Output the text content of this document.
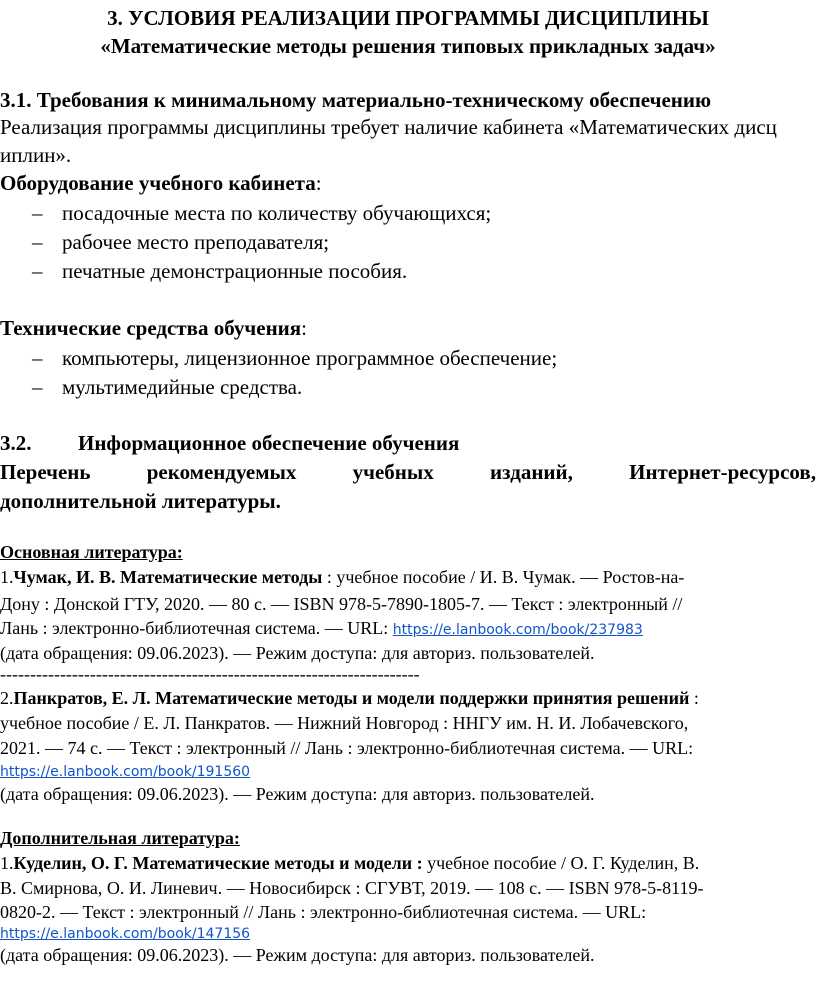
3. УСЛОВИЯ РЕАЛИЗАЦИИ ПРОГРАММЫ ДИСЦИПЛИНЫ
«Математические методы решения типовых прикладных задач»
3.1. Требования к минимальному материально-техническому обеспечению
Реализация программы дисциплины требует наличие кабинета «Математических дисц
иплин».
Оборудование учебного кабинета:
– посадочные места по количеству обучающихся;
– рабочее место преподавателя;
– печатные демонстрационные пособия.
Технические средства обучения:
– компьютеры, лицензионное программное обеспечение;
– мультимедийные средства.
3.2. Информационное обеспечение обучения
Перечень	рекомендуемых	учебных	изданий,	Интернет-ресурсов,
дополнительной литературы.
Основная литература:
1.Чумак, И. В. Математические методы : учебное пособие / И. В. Чумак. — Ростов-на-
Дону : Донской ГТУ, 2020. — 80 с. — ISBN 978-5-7890-1805-7. — Текст : электронный //
Лань : электронно-библиотечная система. — URL: https://e.lanbook.com/book/237983
(дата обращения: 09.06.2023). — Режим доступа: для авториз. пользователей.
----------------------------------------------------------------------
2.Панкратов, Е. Л. Математические методы и модели поддержки принятия решений :
учебное пособие / Е. Л. Панкратов. — Нижний Новгород : ННГУ им. Н. И. Лобачевского,
2021. — 74 с. — Текст : электронный // Лань : электронно-библиотечная система. — URL:
https://e.lanbook.com/book/191560
(дата обращения: 09.06.2023). — Режим доступа: для авториз. пользователей.
Дополнительная литература:
1.Куделин, О. Г. Математические методы и модели : учебное пособие / О. Г. Куделин, В.
В. Смирнова, О. И. Линевич. — Новосибирск : СГУВТ, 2019. — 108 с. — ISBN 978-5-8119-
0820-2. — Текст : электронный // Лань : электронно-библиотечная система. — URL:
https://e.lanbook.com/book/147156
(дата обращения: 09.06.2023). — Режим доступа: для авториз. пользователей.
